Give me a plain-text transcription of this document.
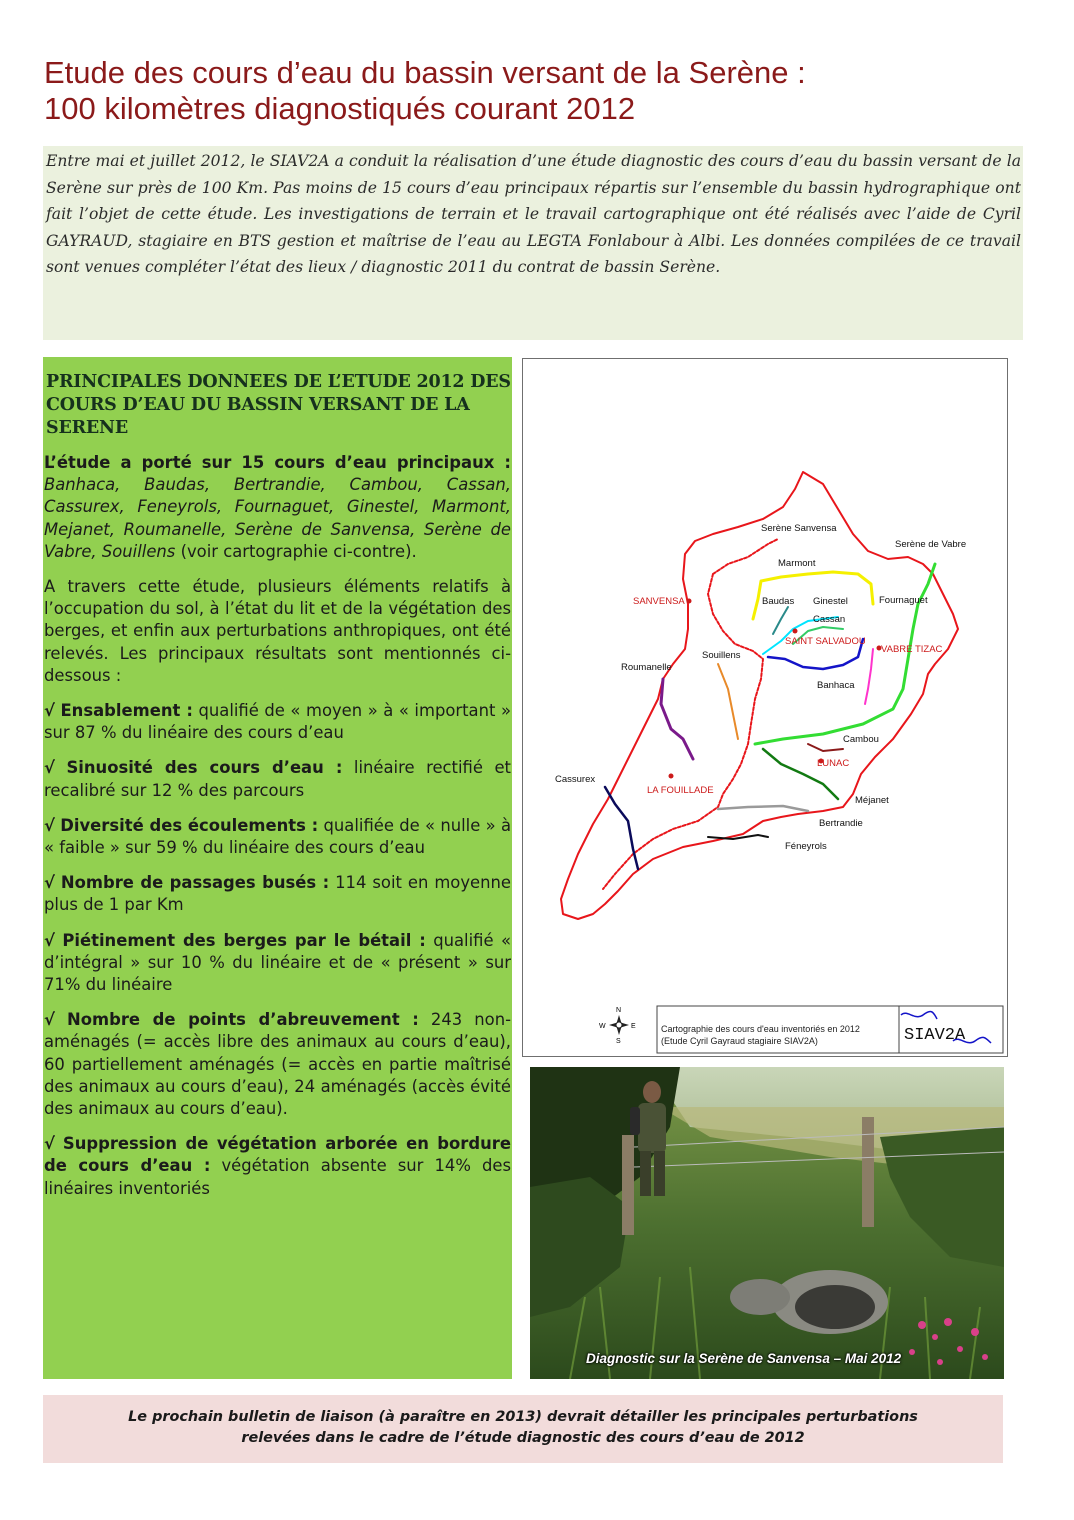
Etude des cours d’eau du bassin versant de la Serène :
100 kilomètres diagnostiqués courant 2012

Entre mai et juillet 2012, le SIAV2A a conduit la réalisation d’une étude diagnostic des cours d’eau du bassin versant de la Serène sur près de 100 Km. Pas moins de 15 cours d’eau principaux répartis sur l’ensemble du bassin hydrographique ont fait l’objet de cette étude. Les investigations de terrain et le travail cartographique ont été réalisés avec l’aide de Cyril GAYRAUD, stagiaire en BTS gestion et maîtrise de l’eau au LEGTA Fonlabour à Albi. Les données compilées de ce travail sont venues compléter l’état des lieux / diagnostic 2011 du contrat de bassin Serène.

PRINCIPALES DONNEES DE L’ETUDE 2012 DES COURS D’EAU DU BASSIN VERSANT DE LA SERENE

L’étude a porté sur 15 cours d’eau principaux : Banhaca, Baudas, Bertrandie, Cambou, Cassan, Cassurex, Feneyrols, Fournaguet, Ginestel, Marmont, Mejanet, Roumanelle, Serène de Sanvensa, Serène de Vabre, Souillens (voir cartographie ci-contre).

A travers cette étude, plusieurs éléments relatifs à l’occupation du sol, à l’état du lit et de la végétation des berges, et enfin aux perturbations anthropiques, ont été relevés. Les principaux résultats sont mentionnés ci-dessous :

√ Ensablement : qualifié de « moyen » à « important » sur 87 % du linéaire des cours d’eau

√ Sinuosité des cours d’eau : linéaire rectifié et recalibré sur 12 % des parcours

√ Diversité des écoulements : qualifiée de « nulle » à « faible » sur 59 % du linéaire des cours d’eau

√ Nombre de passages busés : 114 soit en moyenne plus de 1 par Km

√ Piétinement des berges par le bétail : qualifié « d’intégral » sur 10 % du linéaire et de « présent » sur 71% du linéaire

√ Nombre de points d’abreuvement : 243 non-aménagés (= accès libre des animaux au cours d’eau), 60 partiellement aménagés (= accès en partie maîtrisé des animaux au cours d’eau), 24 aménagés (accès évité des animaux au cours d’eau).

√ Suppression de végétation arborée en bordure de cours d’eau : végétation absente sur 14% des linéaires inventoriés

Serène Sanvensa
Serène de Vabre
Marmont
Baudas Ginestel	Fournaguet
Cassan
Souillens
Roumanelle
Banhaca
Cambou
Cassurex
Méjanet
Bertrandie
Féneyrols
SANVENSA
SAINT SALVADOU
VABRE TIZAC
LUNAC
LA FOUILLADE
N
S
E
W	Cartographie des cours d'eau inventoriés en 2012
(Etude Cyril Gayraud stagiaire SIAV2A)	SIAV2A
Diagnostic sur la Serène de Sanvensa – Mai 2012
Le prochain bulletin de liaison (à paraître en 2013) devrait détailler les principales perturbations
relevées dans le cadre de l’étude diagnostic des cours d’eau de 2012
